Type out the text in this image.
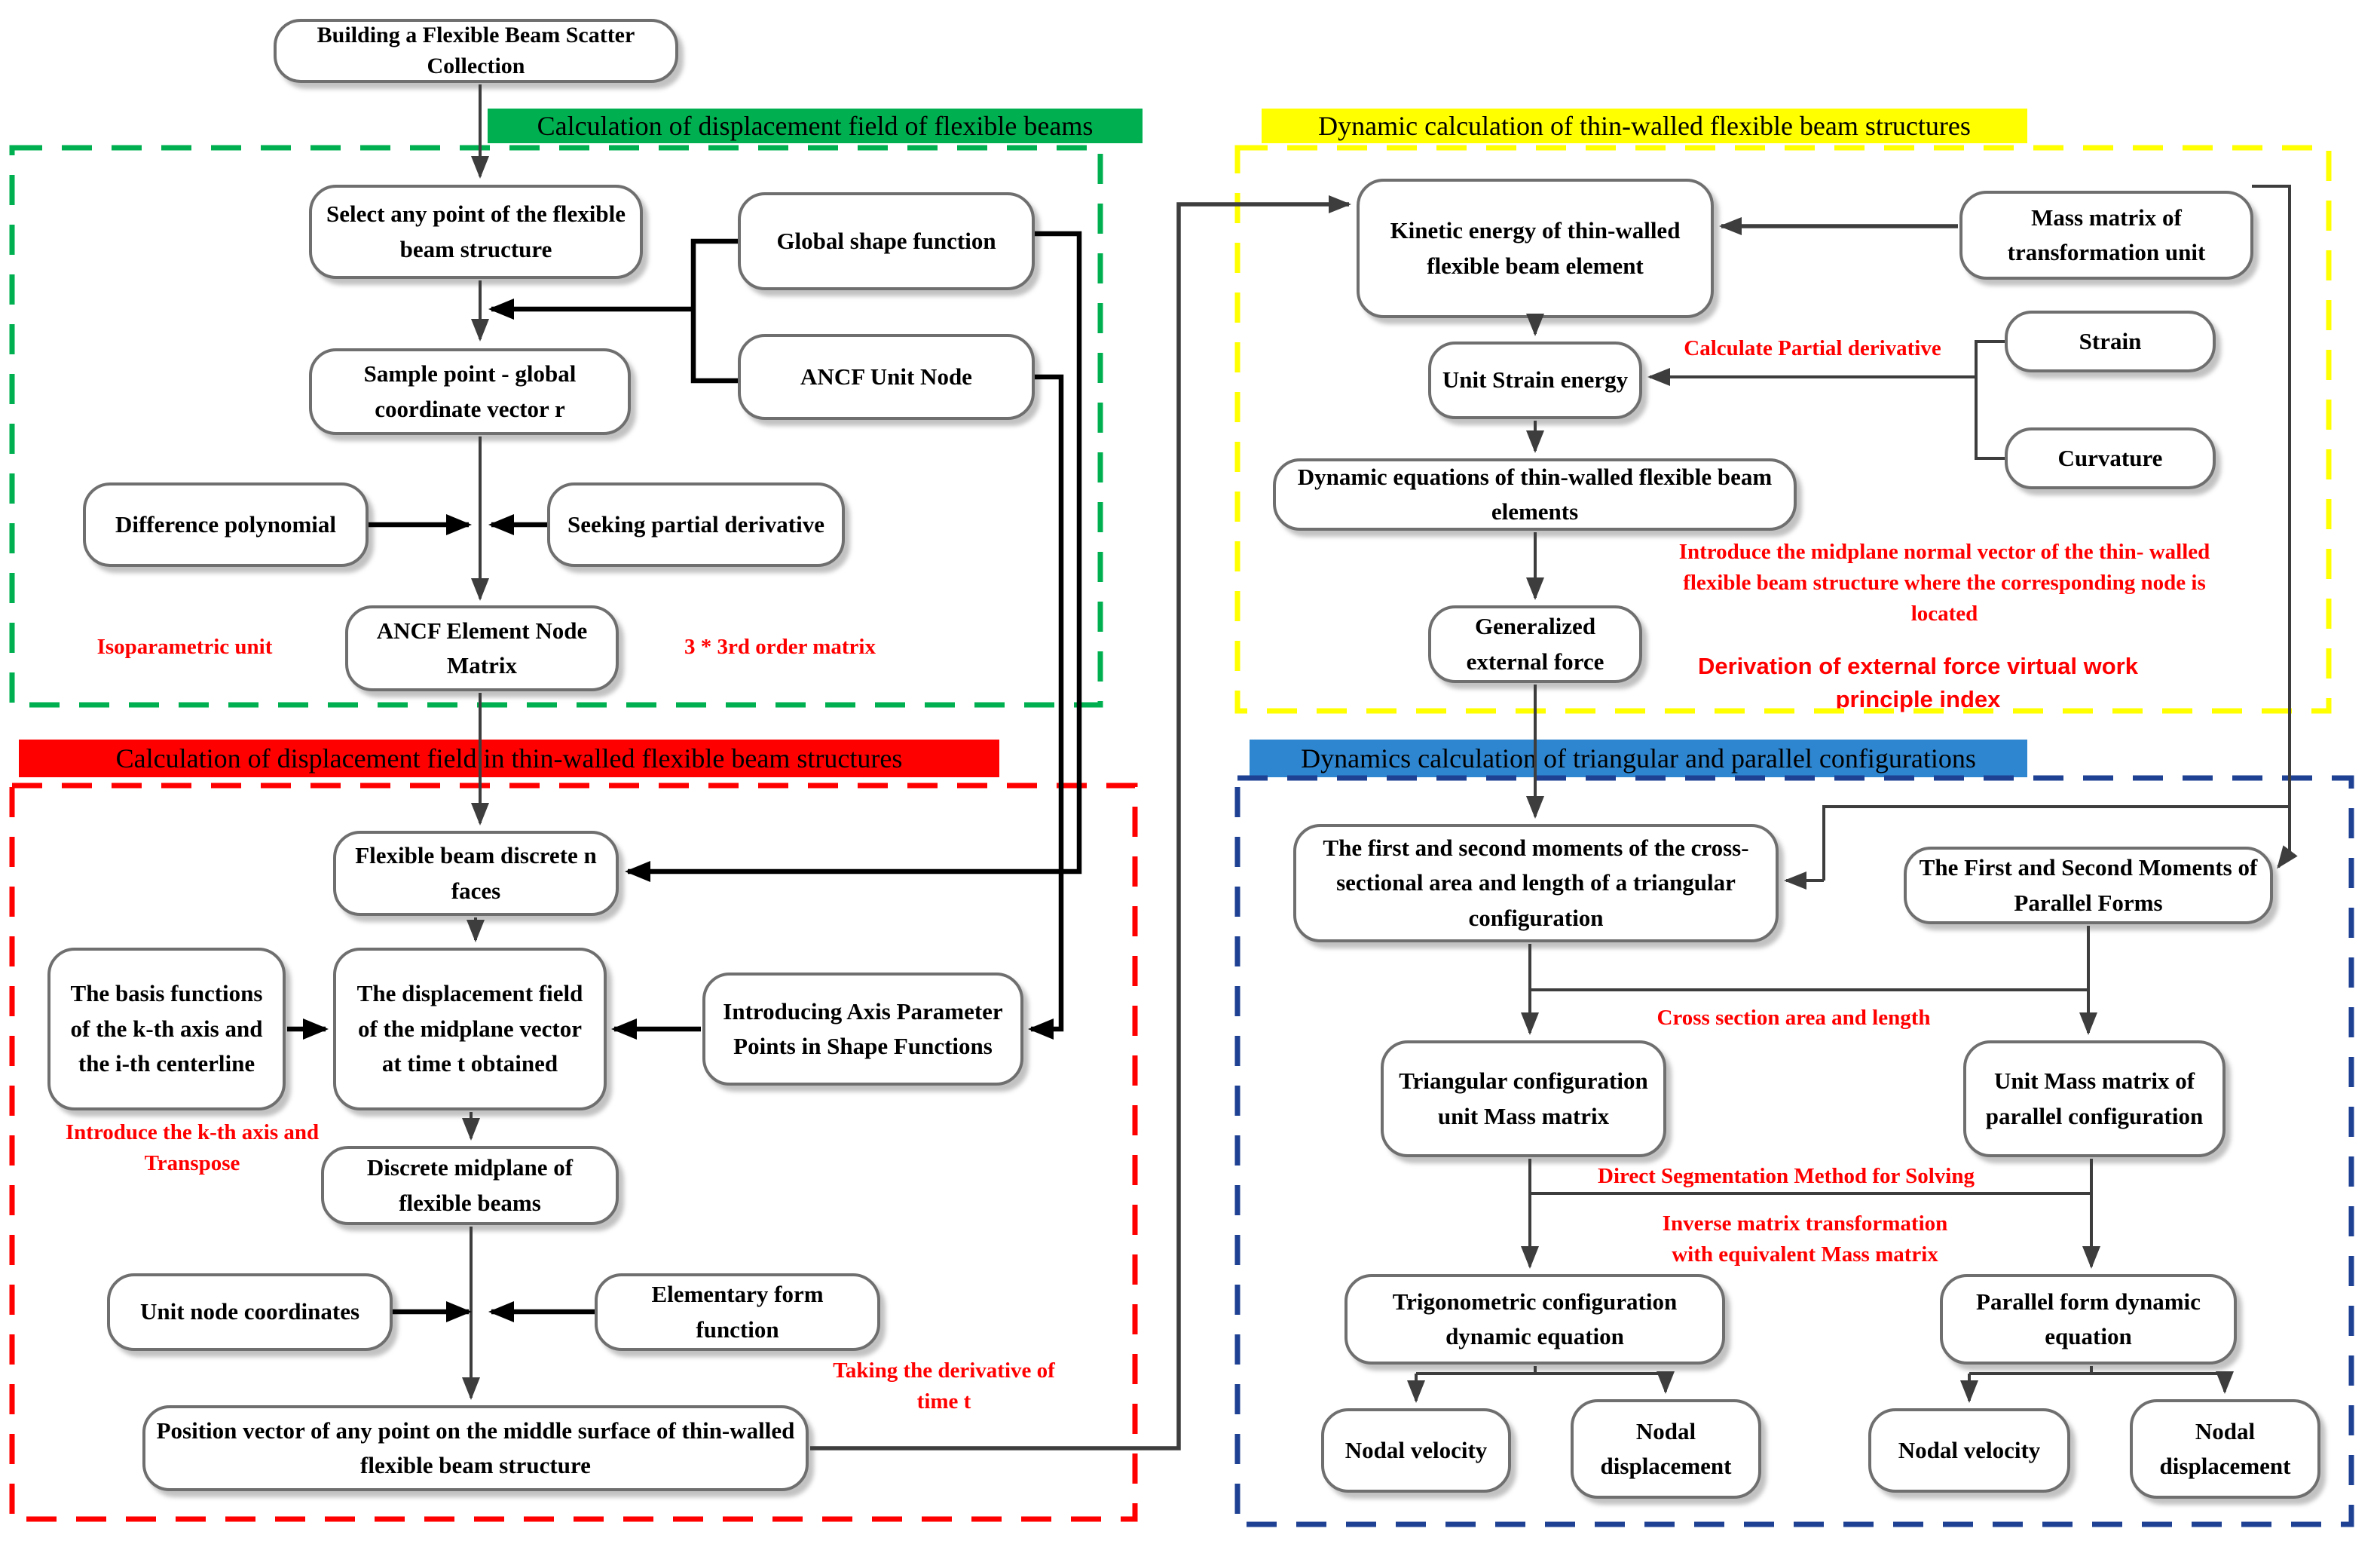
Calculation of displacement field of flexible beams	Dynamic calculation of thin-walled flexible beam structures
Calculation of displacement field in thin-walled flexible beam structures	Dynamics calculation of triangular and parallel configurations
Building a Flexible Beam Scatter Collection
Select any point of the flexible beam structure	Global shape function
Sample point - global coordinate vector r
ANCF Unit Node
Difference polynomial	Seeking partial derivative
ANCF Element Node Matrix
Flexible beam discrete n faces
The basis functions of the k-th axis and the i-th centerline
The displacement field of the midplane vector at time t obtained
Introducing Axis Parameter Points in Shape Functions
Discrete midplane of flexible beams
Unit node coordinates
Elementary form function
Position vector of any point on the middle surface of thin-walled flexible beam structure
Kinetic energy of thin-walled flexible beam element
Mass matrix of transformation unit
Unit Strain energy
Strain
Curvature
Dynamic equations of thin-walled flexible beam elements
Generalized external force
The first and second moments of the cross-sectional area and length of a triangular configuration
The First and Second Moments of Parallel Forms
Triangular configuration unit Mass matrix
Unit Mass matrix of parallel configuration
Trigonometric configuration dynamic equation
Parallel form dynamic equation
Nodal velocity
Nodal displacement
Nodal velocity
Nodal displacement
Isoparametric unit	3 * 3rd order matrix
Introduce the k-th axis and Transpose
Taking the derivative of time t
Calculate Partial derivative
Introduce the midplane normal vector of the thin- walled flexible beam structure where the corresponding node is located
Derivation of external force virtual work principle index
Cross section area and length
Direct Segmentation Method for Solving
Inverse matrix transformation with equivalent Mass matrix
